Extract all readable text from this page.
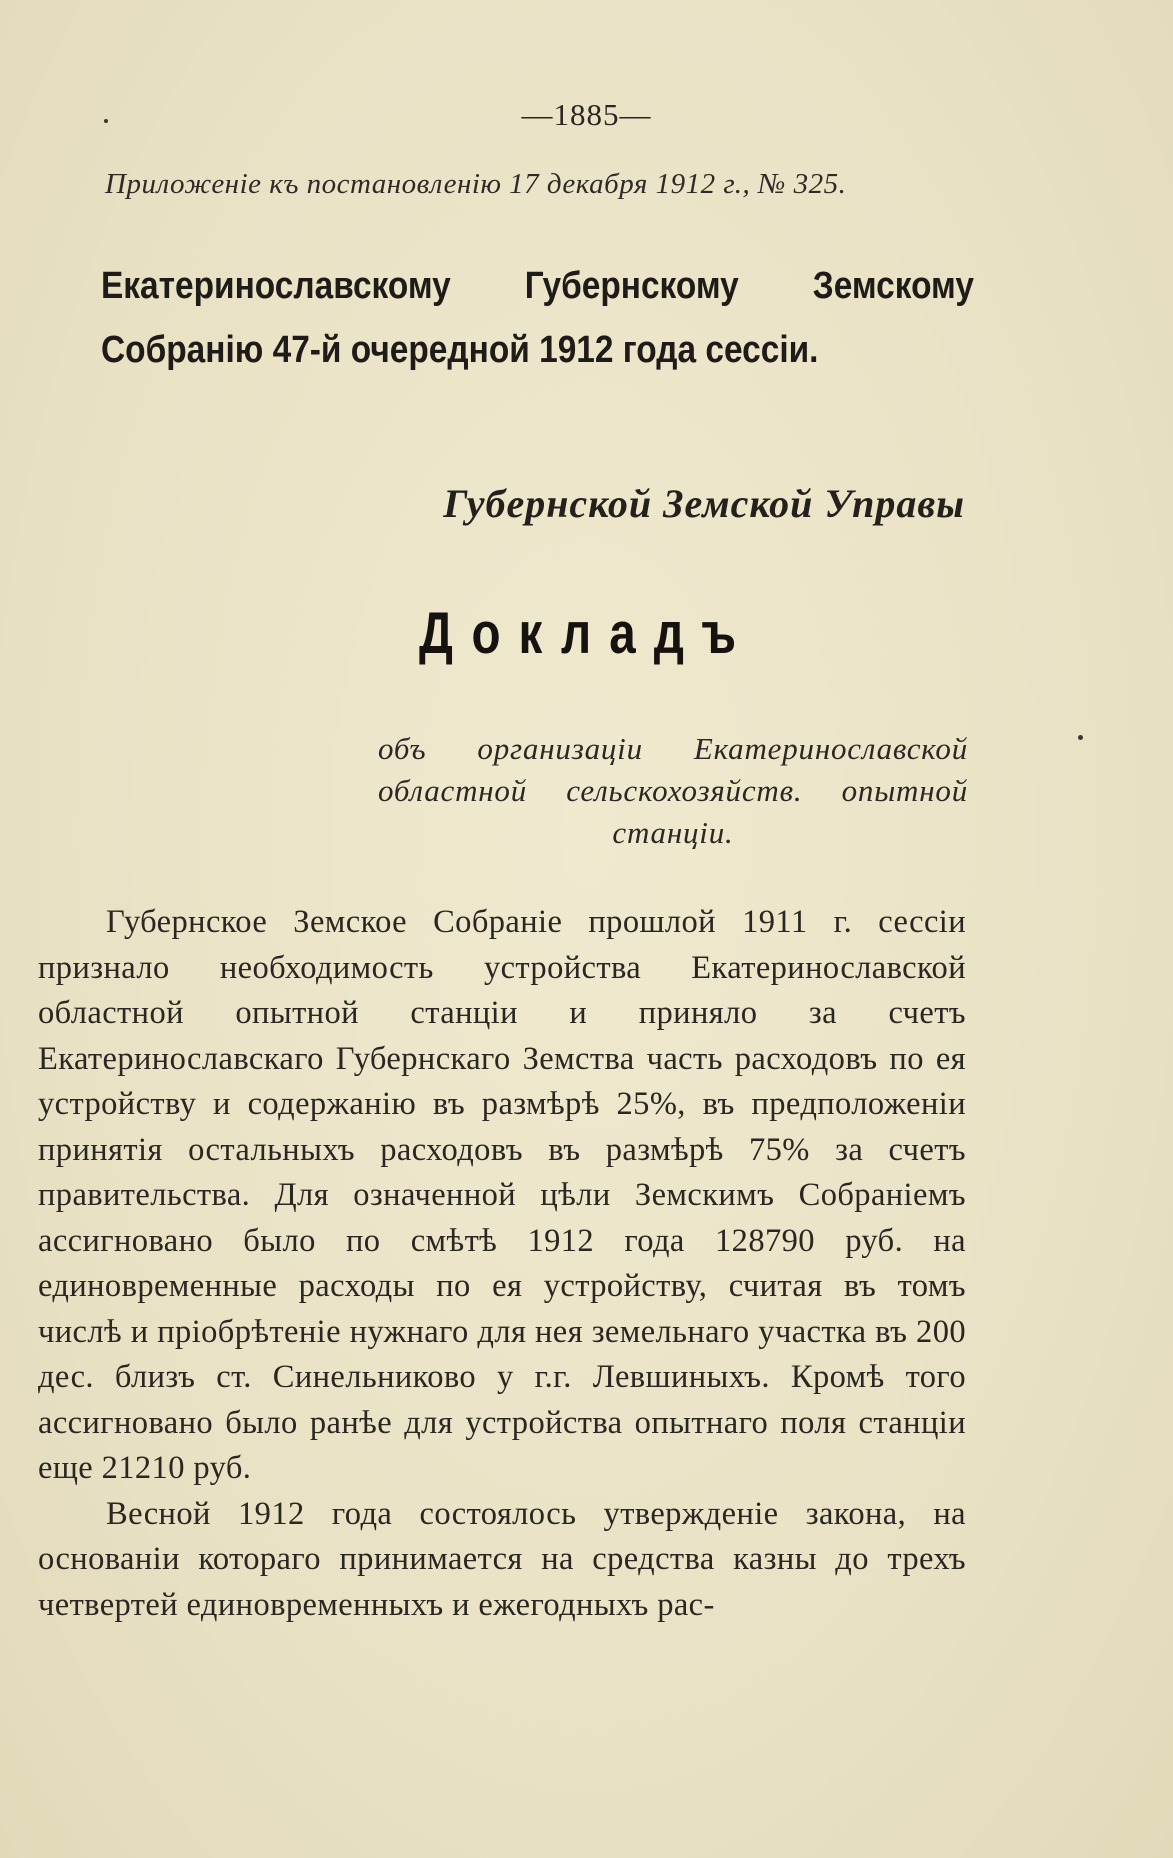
—1885—
Приложенiе къ постановленiю 17 декабря 1912 г., № 325.
Екатеринославскому Губернскому Земскому Собранiю 47-й очередной 1912 года сессiи.
Губернской Земской Управы
Докладъ
объ организацiи Екатеринославской областной сельскохозяйств. опытной станцiи.

Губернское Земское Собранiе прошлой 1911 г. сессiи признало необходимость устройства Екатеринославской областной опытной станцiи и приняло за счетъ Екатеринославскаго Губернскаго Земства часть расходовъ по ея устройству и содержанiю въ размѣрѣ 25%, въ предположенiи принятiя остальныхъ расходовъ въ размѣрѣ 75% за счетъ правительства. Для означенной цѣли Земскимъ Собранiемъ ассигновано было по смѣтѣ 1912 года 128790 руб. на единовременные расходы по ея устройству, считая въ томъ числѣ и прiобрѣтенiе нужнаго для нея земельнаго участка въ 200 дес. близъ ст. Синельниково у г.г. Левшиныхъ. Кромѣ того ассигновано было ранѣе для устройства опытнаго поля станцiи еще 21210 руб.

Весной 1912 года состоялось утвержденiе закона, на основанiи котораго принимается на средства казны до трехъ четвертей единовременныхъ и ежегодныхъ рас-
